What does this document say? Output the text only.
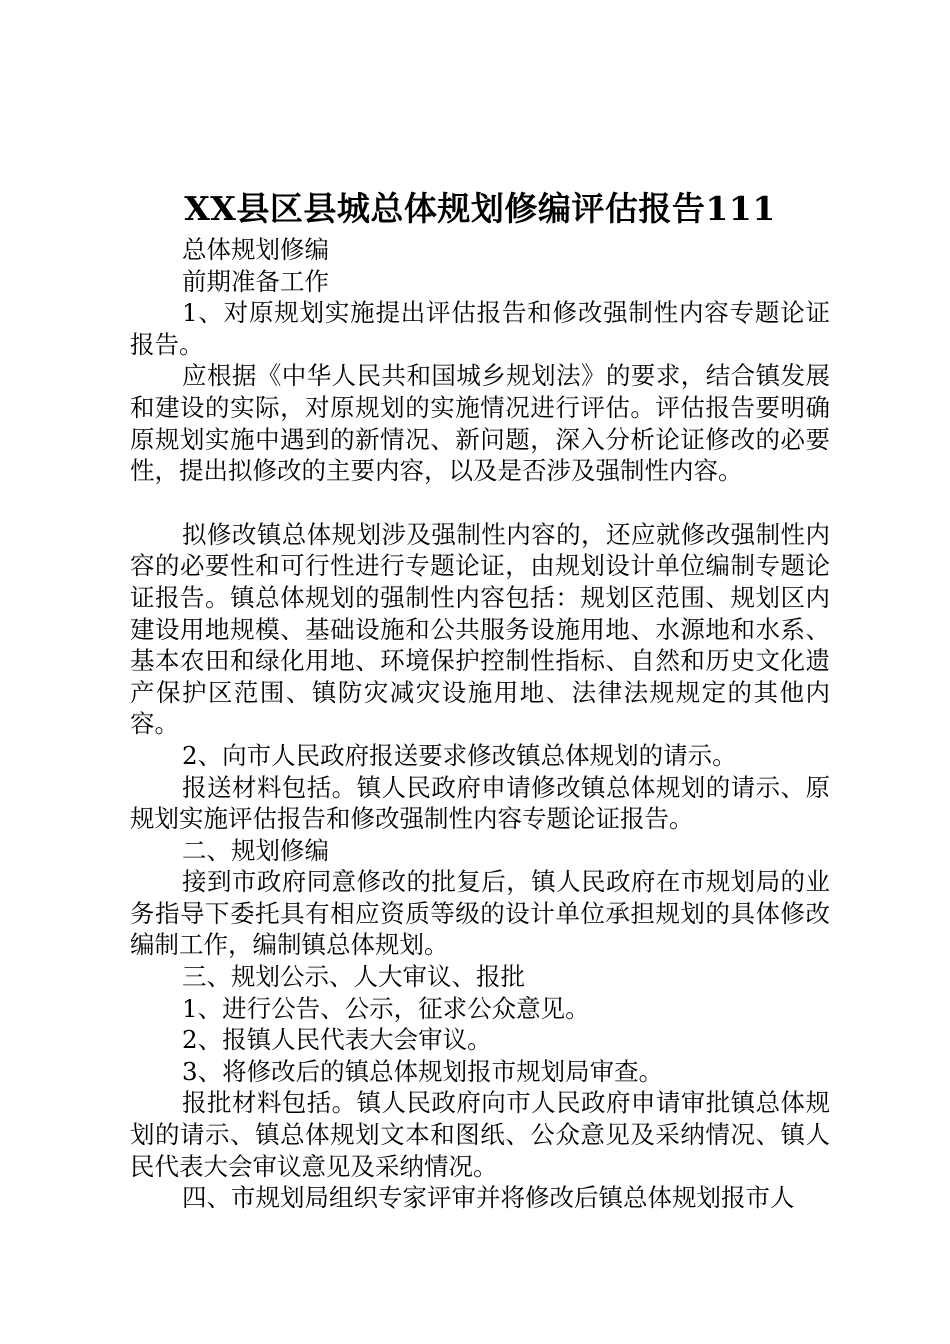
XX县区县城总体规划修编评估报告111

总体规划修编

前期准备工作

1、对原规划实施提出评估报告和修改强制性内容专题论证报告。

应根据《中华人民共和国城乡规划法》的要求，结合镇发展和建设的实际，对原规划的实施情况进行评估。评估报告要明确原规划实施中遇到的新情况、新问题，深入分析论证修改的必要性，提出拟修改的主要内容，以及是否涉及强制性内容。

拟修改镇总体规划涉及强制性内容的，还应就修改强制性内容的必要性和可行性进行专题论证，由规划设计单位编制专题论证报告。镇总体规划的强制性内容包括：规划区范围、规划区内建设用地规模、基础设施和公共服务设施用地、水源地和水系、基本农田和绿化用地、环境保护控制性指标、自然和历史文化遗产保护区范围、镇防灾减灾设施用地、法律法规规定的其他内容。

2、向市人民政府报送要求修改镇总体规划的请示。

报送材料包括。镇人民政府申请修改镇总体规划的请示、原规划实施评估报告和修改强制性内容专题论证报告。

二、规划修编

接到市政府同意修改的批复后，镇人民政府在市规划局的业务指导下委托具有相应资质等级的设计单位承担规划的具体修改编制工作，编制镇总体规划。

三、规划公示、人大审议、报批

1、进行公告、公示，征求公众意见。

2、报镇人民代表大会审议。

3、将修改后的镇总体规划报市规划局审查。

报批材料包括。镇人民政府向市人民政府申请审批镇总体规划的请示、镇总体规划文本和图纸、公众意见及采纳情况、镇人民代表大会审议意见及采纳情况。

四、市规划局组织专家评审并将修改后镇总体规划报市人
